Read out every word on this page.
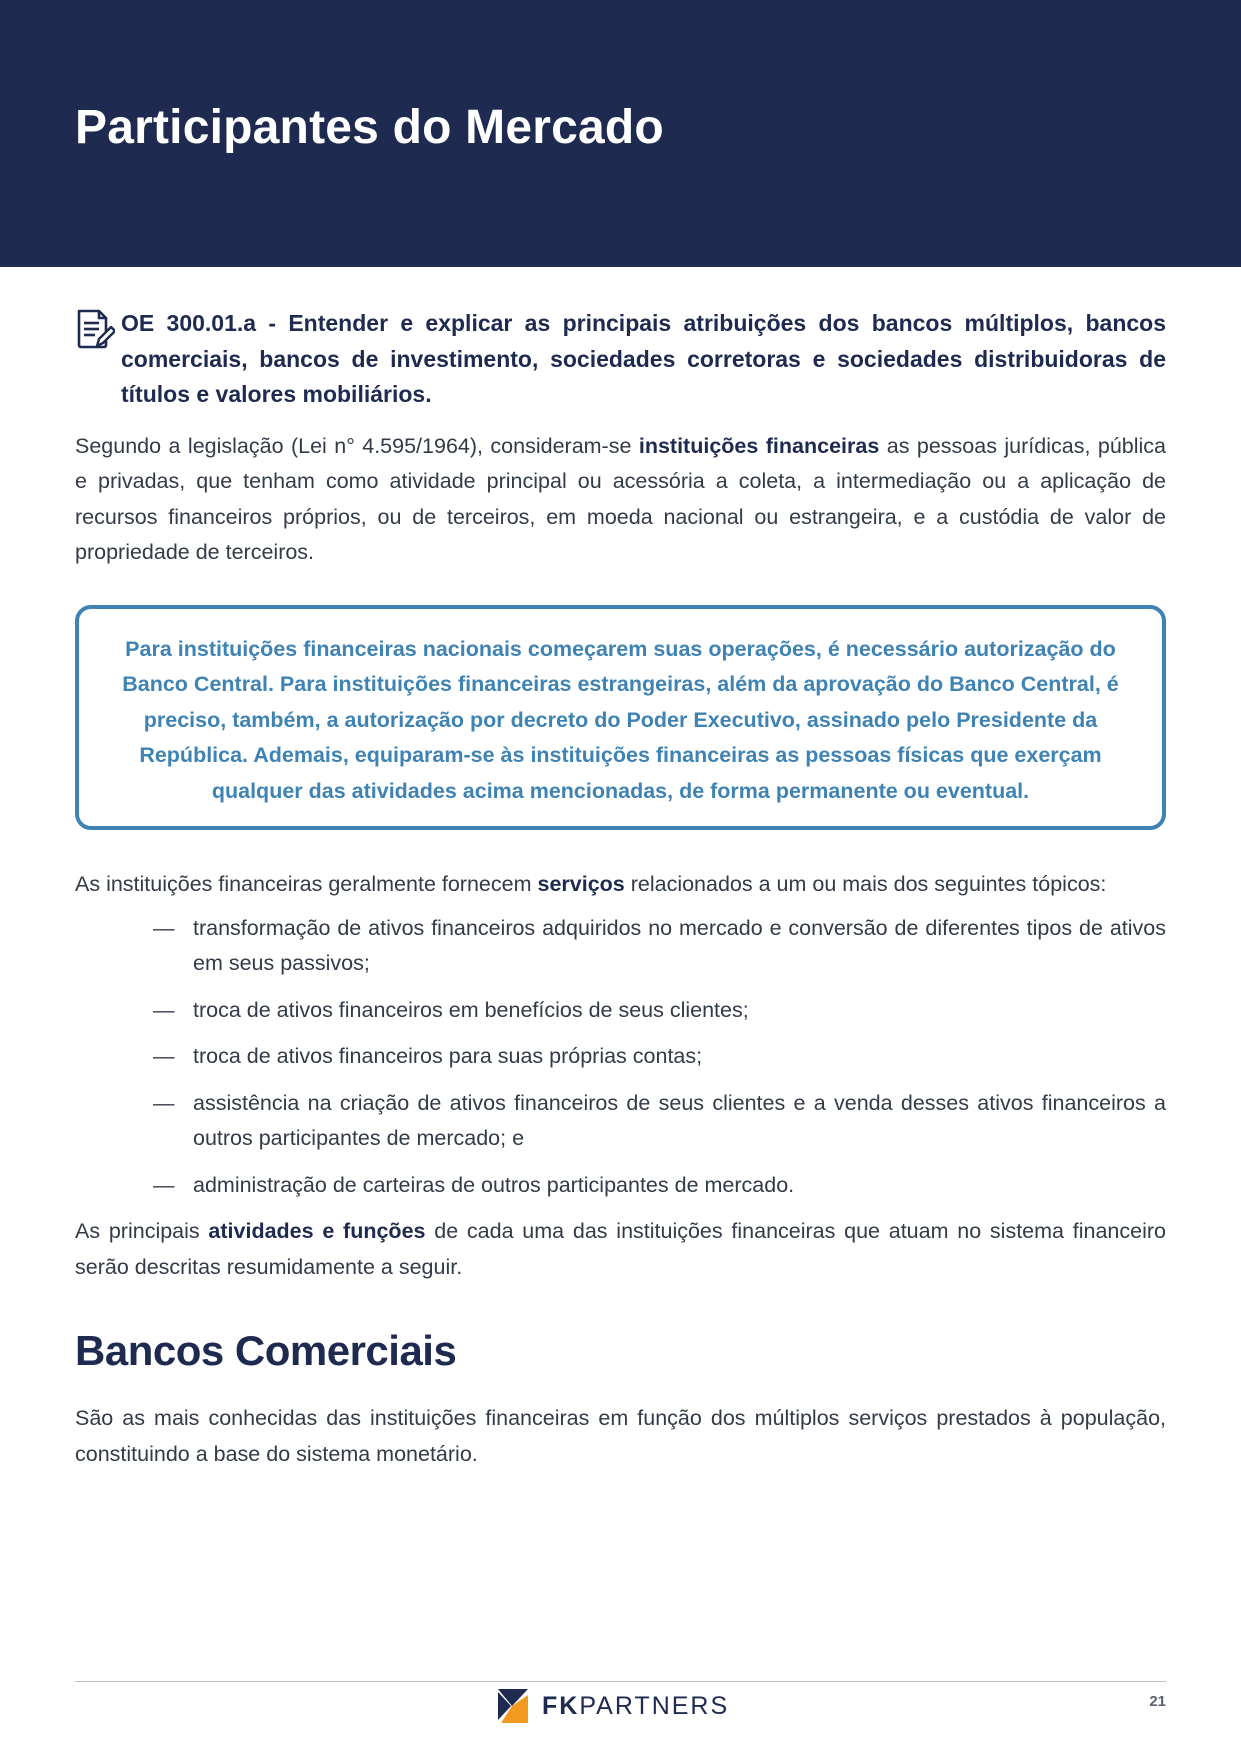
Participantes do Mercado

OE 300.01.a - Entender e explicar as principais atribuições dos bancos múltiplos, bancos comerciais, bancos de investimento, sociedades corretoras e sociedades distribuidoras de títulos e valores mobiliários.

Segundo a legislação (Lei n° 4.595/1964), consideram-se instituições financeiras as pessoas jurídicas, pública e privadas, que tenham como atividade principal ou acessória a coleta, a intermediação ou a aplicação de recursos financeiros próprios, ou de terceiros, em moeda nacional ou estrangeira, e a custódia de valor de propriedade de terceiros.

Para instituições financeiras nacionais começarem suas operações, é necessário autorização do Banco Central. Para instituições financeiras estrangeiras, além da aprovação do Banco Central, é preciso, também, a autorização por decreto do Poder Executivo, assinado pelo Presidente da República. Ademais, equiparam-se às instituições financeiras as pessoas físicas que exerçam qualquer das atividades acima mencionadas, de forma permanente ou eventual.

As instituições financeiras geralmente fornecem serviços relacionados a um ou mais dos seguintes tópicos:

— transformação de ativos financeiros adquiridos no mercado e conversão de diferentes tipos de ativos em seus passivos;
— troca de ativos financeiros em benefícios de seus clientes;
— troca de ativos financeiros para suas próprias contas;
— assistência na criação de ativos financeiros de seus clientes e a venda desses ativos financeiros a outros participantes de mercado; e
— administração de carteiras de outros participantes de mercado.

As principais atividades e funções de cada uma das instituições financeiras que atuam no sistema financeiro serão descritas resumidamente a seguir.

Bancos Comerciais

São as mais conhecidas das instituições financeiras em função dos múltiplos serviços prestados à população, constituindo a base do sistema monetário.

FKPARTNERS	21
